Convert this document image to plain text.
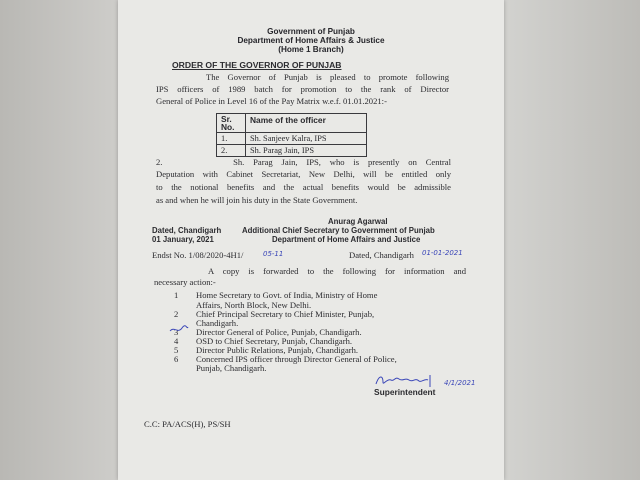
Government of Punjab
Department of Home Affairs & Justice
(Home 1 Branch)
ORDER OF THE GOVERNOR OF PUNJAB
The Governor of Punjab is pleased to promote following
IPS officers of 1989 batch for promotion to the rank of Director
General of Police in Level 16 of the Pay Matrix w.e.f. 01.01.2021:-
Sr.
No.	Name of the officer
1.	Sh. Sanjeev Kalra, IPS
2.	Sh. Parag Jain, IPS
2.        Sh. Parag Jain, IPS, who is presently on Central
Deputation with Cabinet Secretariat, New Delhi, will be entitled only
to the notional benefits and the actual benefits would be admissible
as and when he will join his duty in the State Government.
Anurag Agarwal
Dated, Chandigarh
01 January, 2021
Additional Chief Secretary to Government of Punjab
Department of Home Affairs and Justice
Endst No. 1/08/2020-4H1/	05-11	Dated, Chandigarh 01-01-2021
A copy is forwarded to the following for information and
necessary action:-
1 Home Secretary to Govt. of India, Ministry of Home
Affairs, North Block, New Delhi.
2 Chief Principal Secretary to Chief Minister, Punjab,
Chandigarh.
3 Director General of Police, Punjab, Chandigarh.
4 OSD to Chief Secretary, Punjab, Chandigarh.
5 Director Public Relations, Punjab, Chandigarh.
6 Concerned IPS officer through Director General of Police,
Punjab, Chandigarh.
4/1/2021
Superintendent
C.C: PA/ACS(H), PS/SH
